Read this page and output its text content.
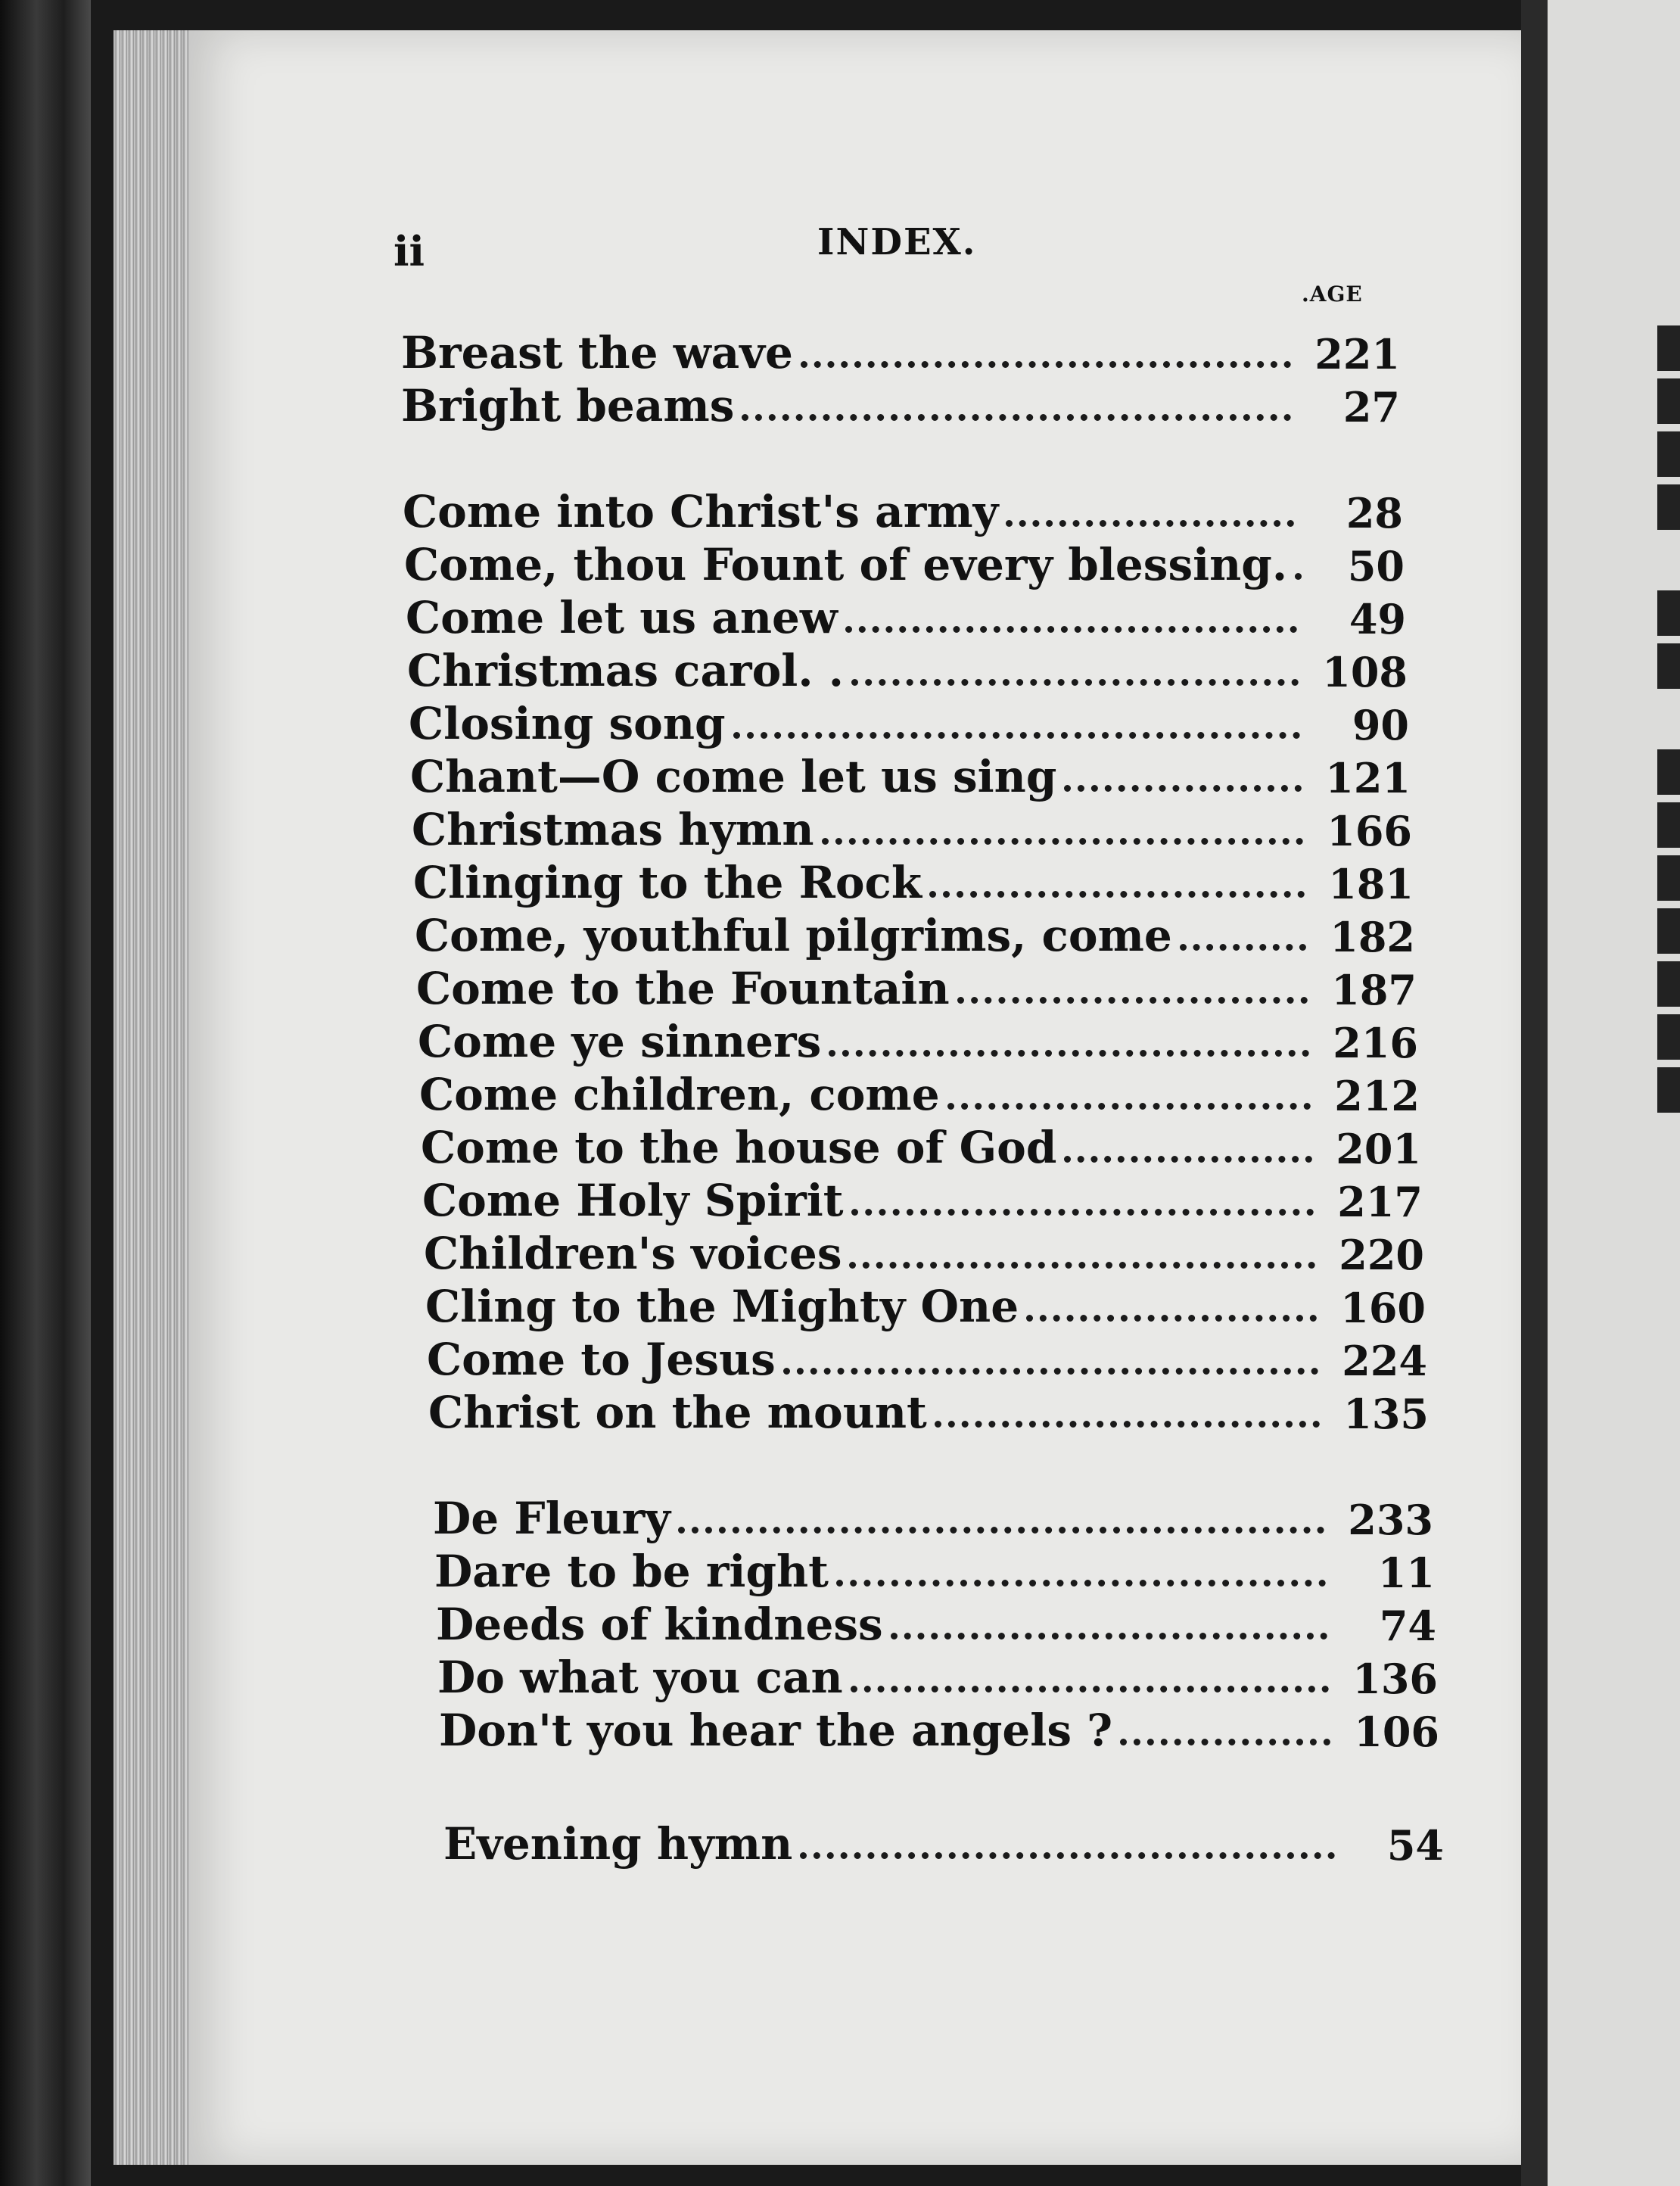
ii	INDEX.
.AGE
Breast the wave	221
Bright beams	27
Come into Christ's army	28
Come, thou Fount of every blessing.	50
Come let us anew	49
Christmas carol. .	108
Closing song	90
Chant—O come let us sing	121
Christmas hymn	166
Clinging to the Rock	181
Come, youthful pilgrims, come	182
Come to the Fountain	187
Come ye sinners	216
Come children, come	212
Come to the house of God	201
Come Holy Spirit	217
Children's voices	220
Cling to the Mighty One	160
Come to Jesus	224
Christ on the mount	135
De Fleury	233
Dare to be right	11
Deeds of kindness	74
Do what you can	136
Don't you hear the angels ?	106
Evening hymn	54
